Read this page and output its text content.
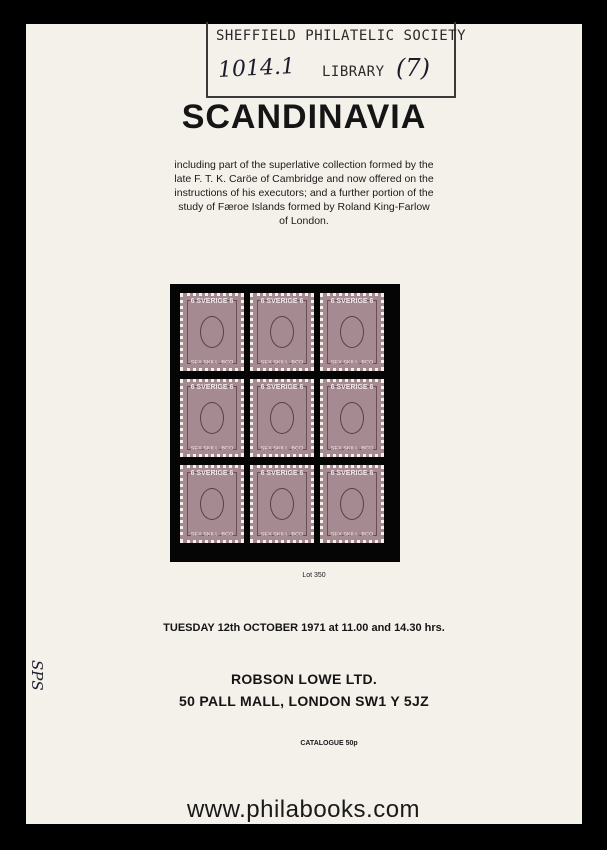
SHEFFIELD PHILATELIC SOCIETY
1014.1 LIBRARY (7)
SCANDINAVIA
including part of the superlative collection formed by the
late F. T. K. Caröe of Cambridge and now offered on the
instructions of his executors; and a further portion of the
study of Færoe Islands formed by Roland King-Farlow
of London.
6 SVERIGE 6
SEX SKILL. BCO
6 SVERIGE 6
SEX SKILL. BCO
6 SVERIGE 6
SEX SKILL. BCO
6 SVERIGE 6
SEX SKILL. BCO
6 SVERIGE 6
SEX SKILL. BCO
6 SVERIGE 6
SEX SKILL. BCO
6 SVERIGE 6
SEX SKILL. BCO
6 SVERIGE 6
SEX SKILL. BCO
6 SVERIGE 6
SEX SKILL. BCO
Lot 350
TUESDAY 12th OCTOBER 1971 at 11.00 and 14.30 hrs.
ROBSON LOWE LTD.
50 PALL MALL, LONDON SW1 Y 5JZ
CATALOGUE 50p
SPS
www.philabooks.com
